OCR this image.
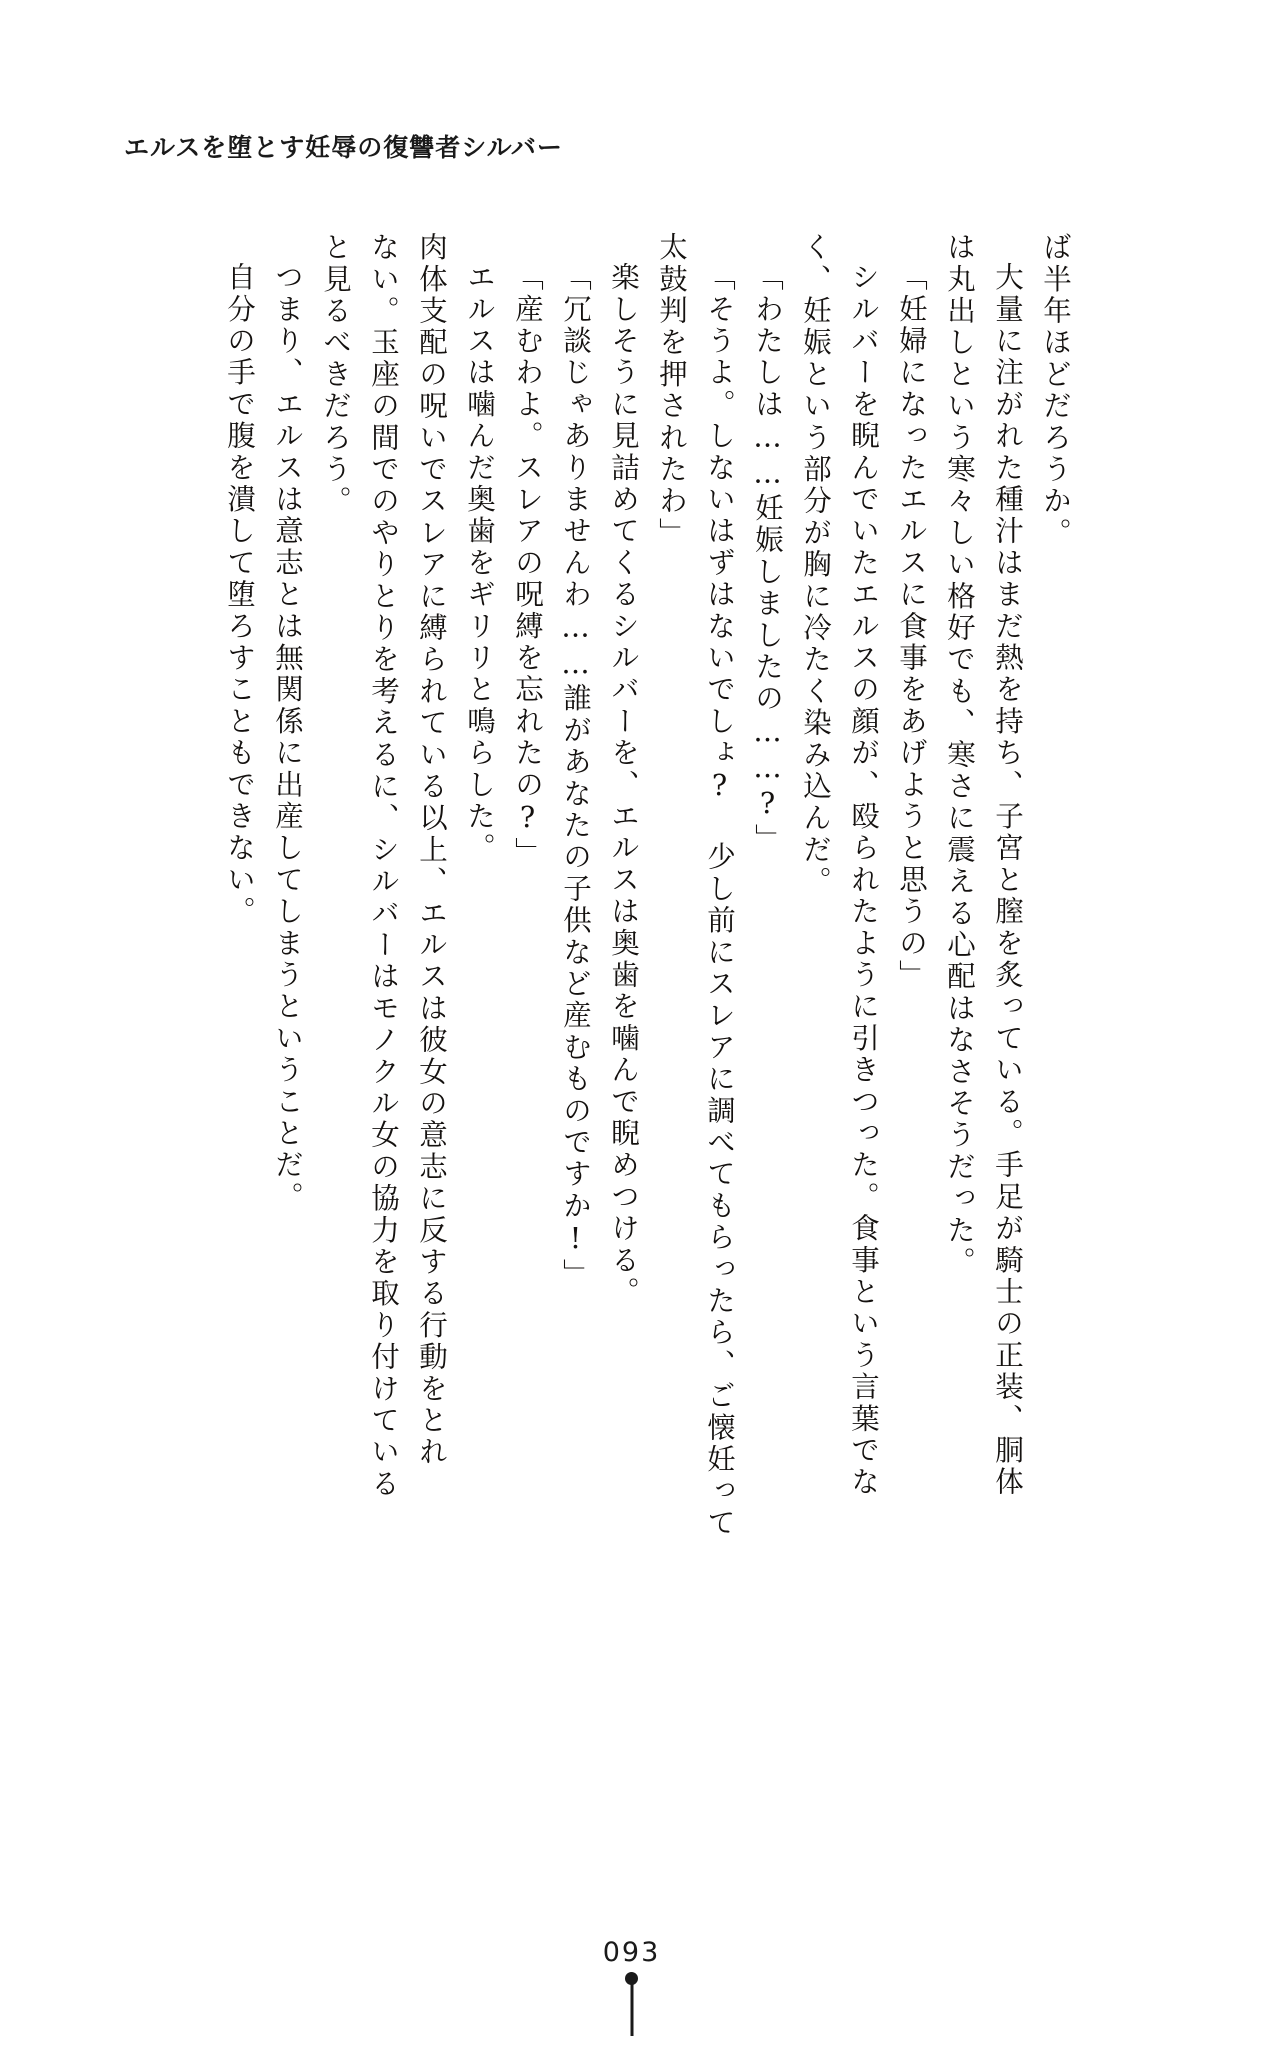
エルスを堕とす妊辱の復讐者シルバー
自分の手で腹を潰して堕ろすこともできない。 つまり、エルスは意志とは無関係に出産してしまうということだ。 と見るべきだろう。 ない。玉座の間でのやりとりを考えるに、シルバーはモノクル女の協力を取り付けている 肉体支配の呪いでスレアに縛られている以上、エルスは彼女の意志に反する行動をとれ エルスは噛んだ奥歯をギリリと鳴らした。 「産むわよ。スレアの呪縛を忘れたの?」 「冗談じゃありませんわ……誰があなたの子供など産むものですか!」 楽しそうに見詰めてくるシルバーを、エルスは奥歯を噛んで睨めつける。 太鼓判を押されたわ」 「そうよ。しないはずはないでしょ? 少し前にスレアに調べてもらったら、ご懐妊って 「わたしは……妊娠しましたの……?」 く、妊娠という部分が胸に冷たく染み込んだ。 シルバーを睨んでいたエルスの顔が、殴られたように引きつった。食事という言葉でな 「妊婦になったエルスに食事をあげようと思うの」 は丸出しという寒々しい格好でも、寒さに震える心配はなさそうだった。 大量に注がれた種汁はまだ熱を持ち、子宮と膣を炙っている。手足が騎士の正装、胴体 ば半年ほどだろうか。
093
